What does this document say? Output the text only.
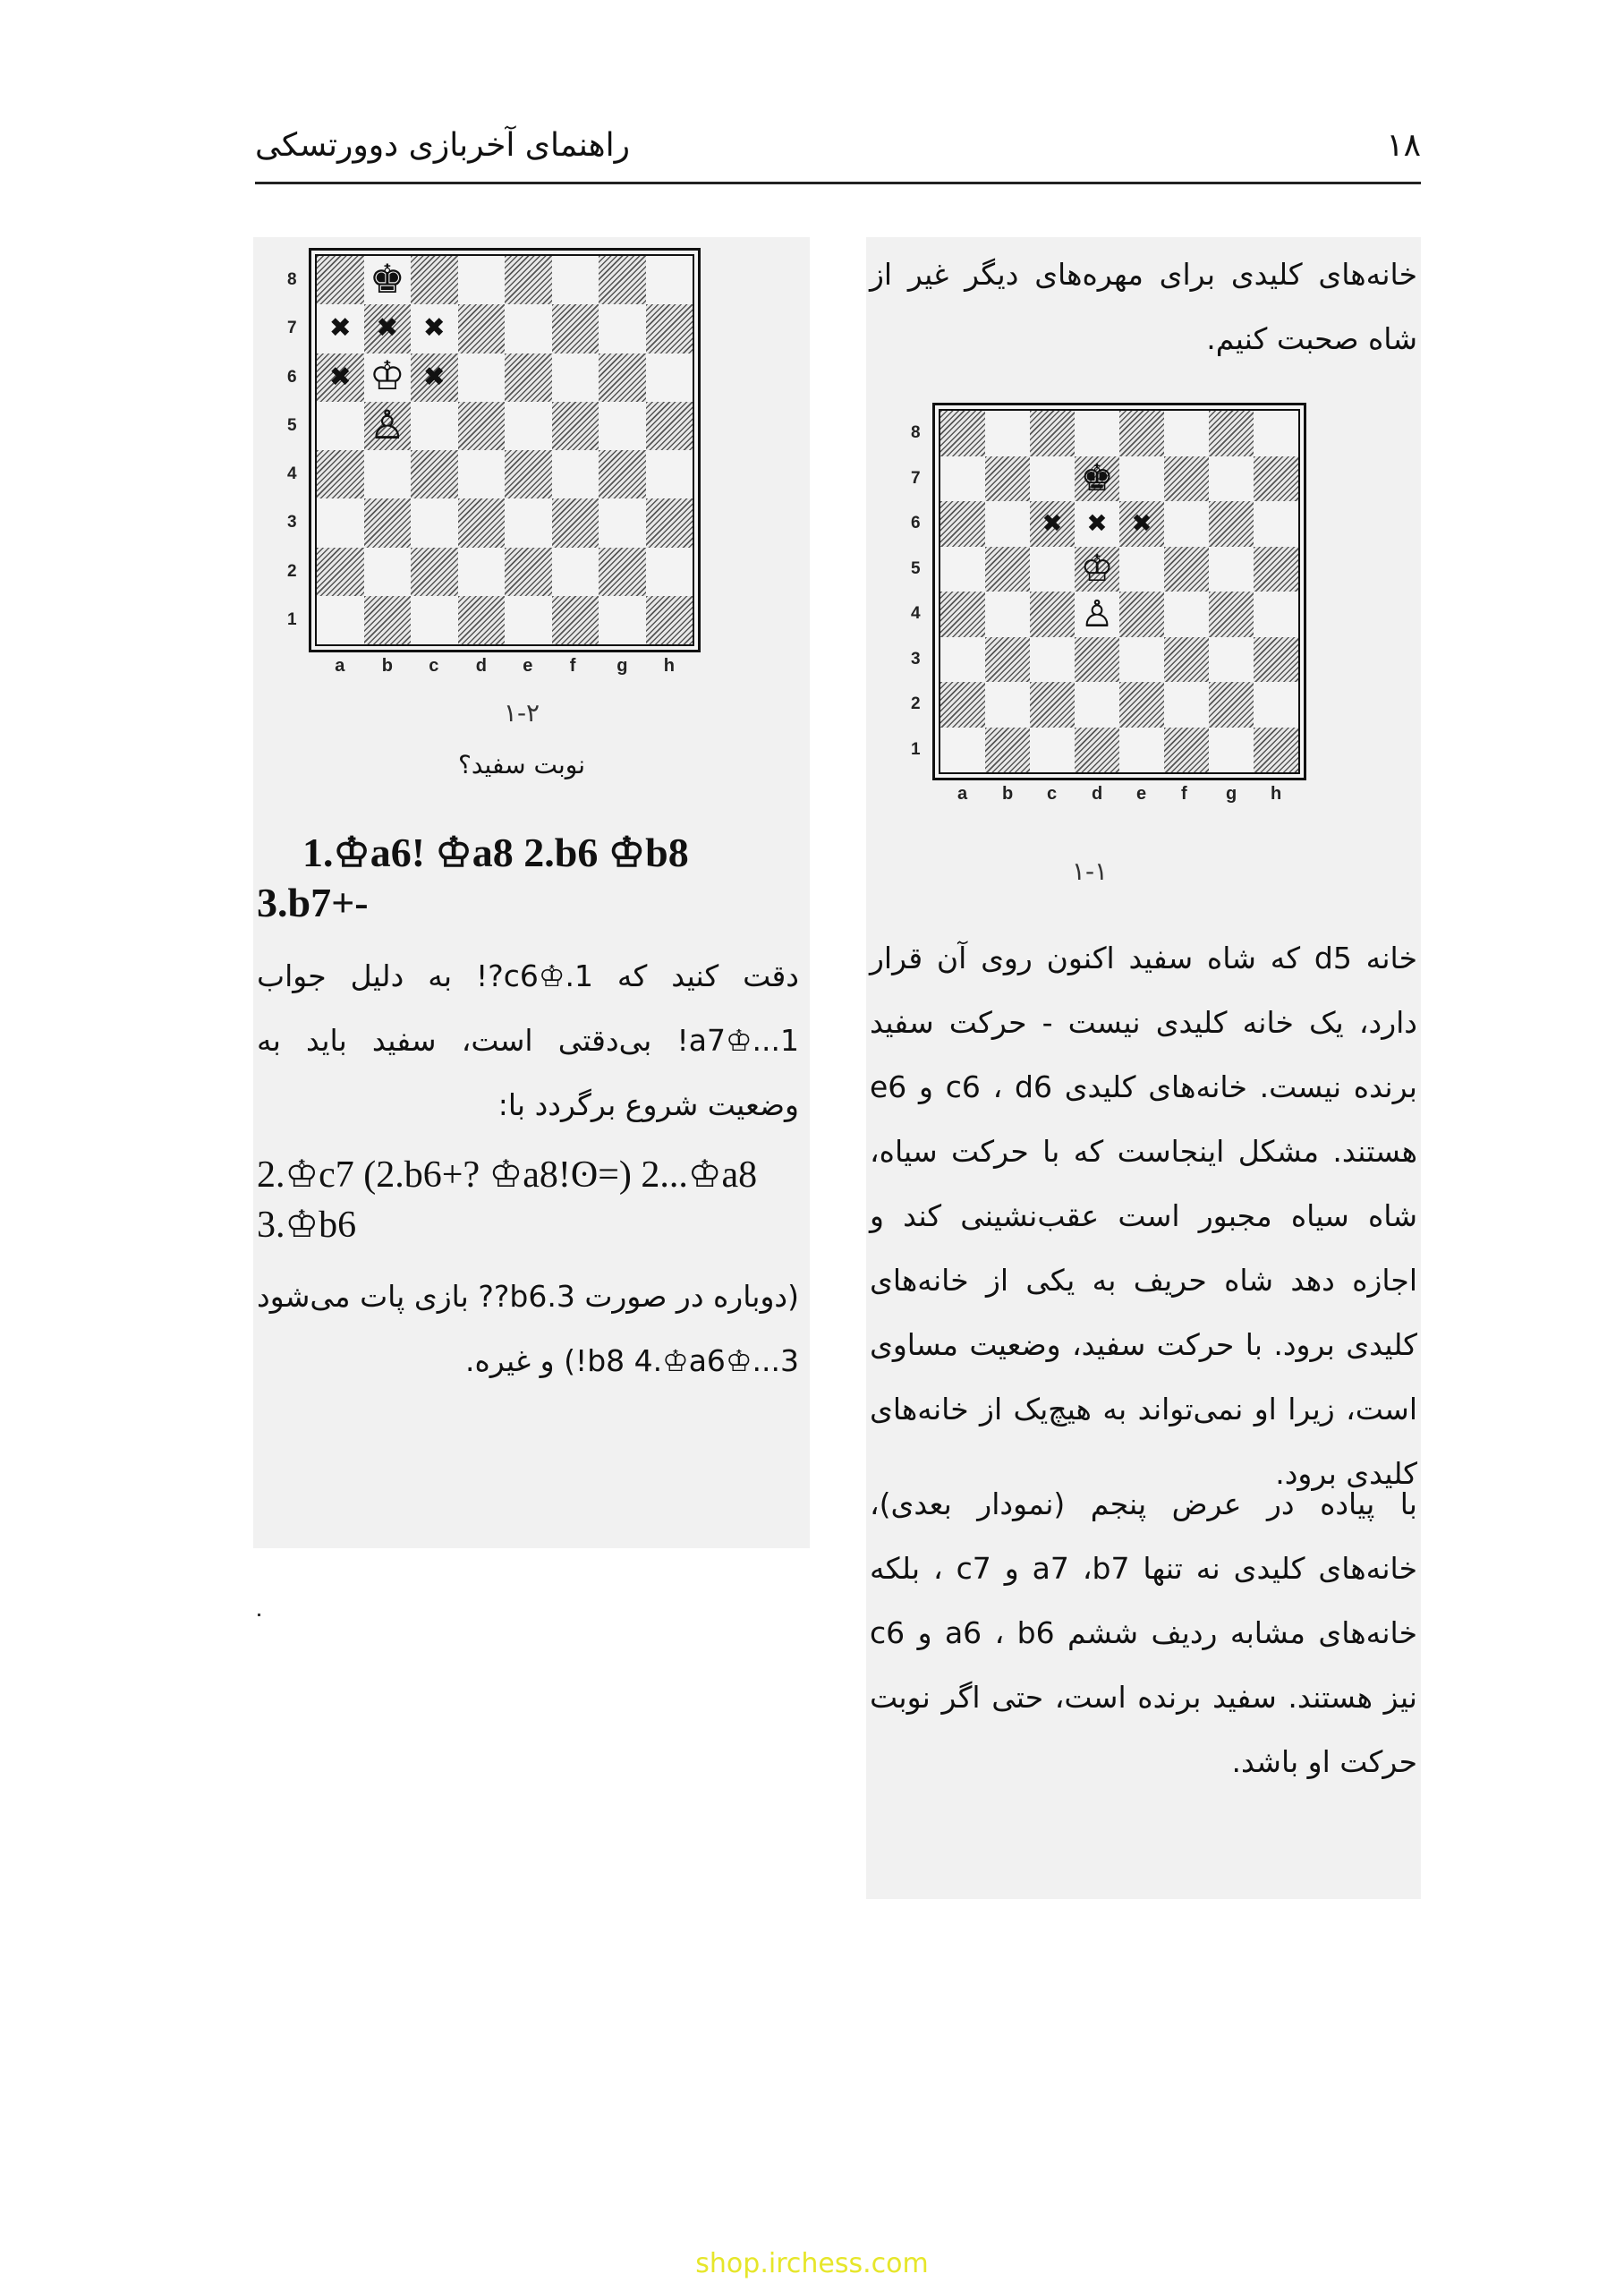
راهنمای آخربازی دوورتسکی	۱۸
♚
✖ ✖ ✖
✖ ♔ ✖
♙
8
7
6
5
4
3
2
1
a b c d e f g h
۱-۲
نوبت سفید؟

1.♔a6! ♔a8 2.b6 ♔b8

3.b7+-

دقت کنید که 1.♔c6?! به دلیل جواب 1...♔a7! بی‌دقتی است، سفید باید به وضعیت شروع برگردد با:

2.♔c7 (2.b6+? ♔a8!ʘ=) 2...♔a8

3.♔b6

(دوباره در صورت 3.b6?? بازی پات می‌شود 3...♔b8 4.♔a6!) و غیره.

خانه‌های کلیدی برای مهره‌های دیگر غیر از شاه صحبت کنیم.

♚
✖ ✖ ✖
♔
♙
8
7
6
5
4
3
2
1
a b c d e f g h
۱-۱

خانه d5 که شاه سفید اکنون روی آن قرار دارد، یک خانه کلیدی نیست - حرکت سفید برنده نیست. خانه‌های کلیدی c6 ، d6 و e6 هستند. مشکل اینجاست که با حرکت سیاه، شاه سیاه مجبور است عقب‌نشینی کند و اجازه دهد شاه حریف به یکی از خانه‌های کلیدی برود. با حرکت سفید، وضعیت مساوی است، زیرا او نمی‌تواند به هیچ‌یک از خانه‌های کلیدی برود.

با پیاده در عرض پنجم (نمودار بعدی)، خانه‌های کلیدی نه تنها a7 ،b7 و c7 ، بلکه خانه‌های مشابه ردیف ششم a6 ، b6 و c6 نیز هستند. سفید برنده است، حتی اگر نوبت حرکت او باشد.

shop.irchess.com
